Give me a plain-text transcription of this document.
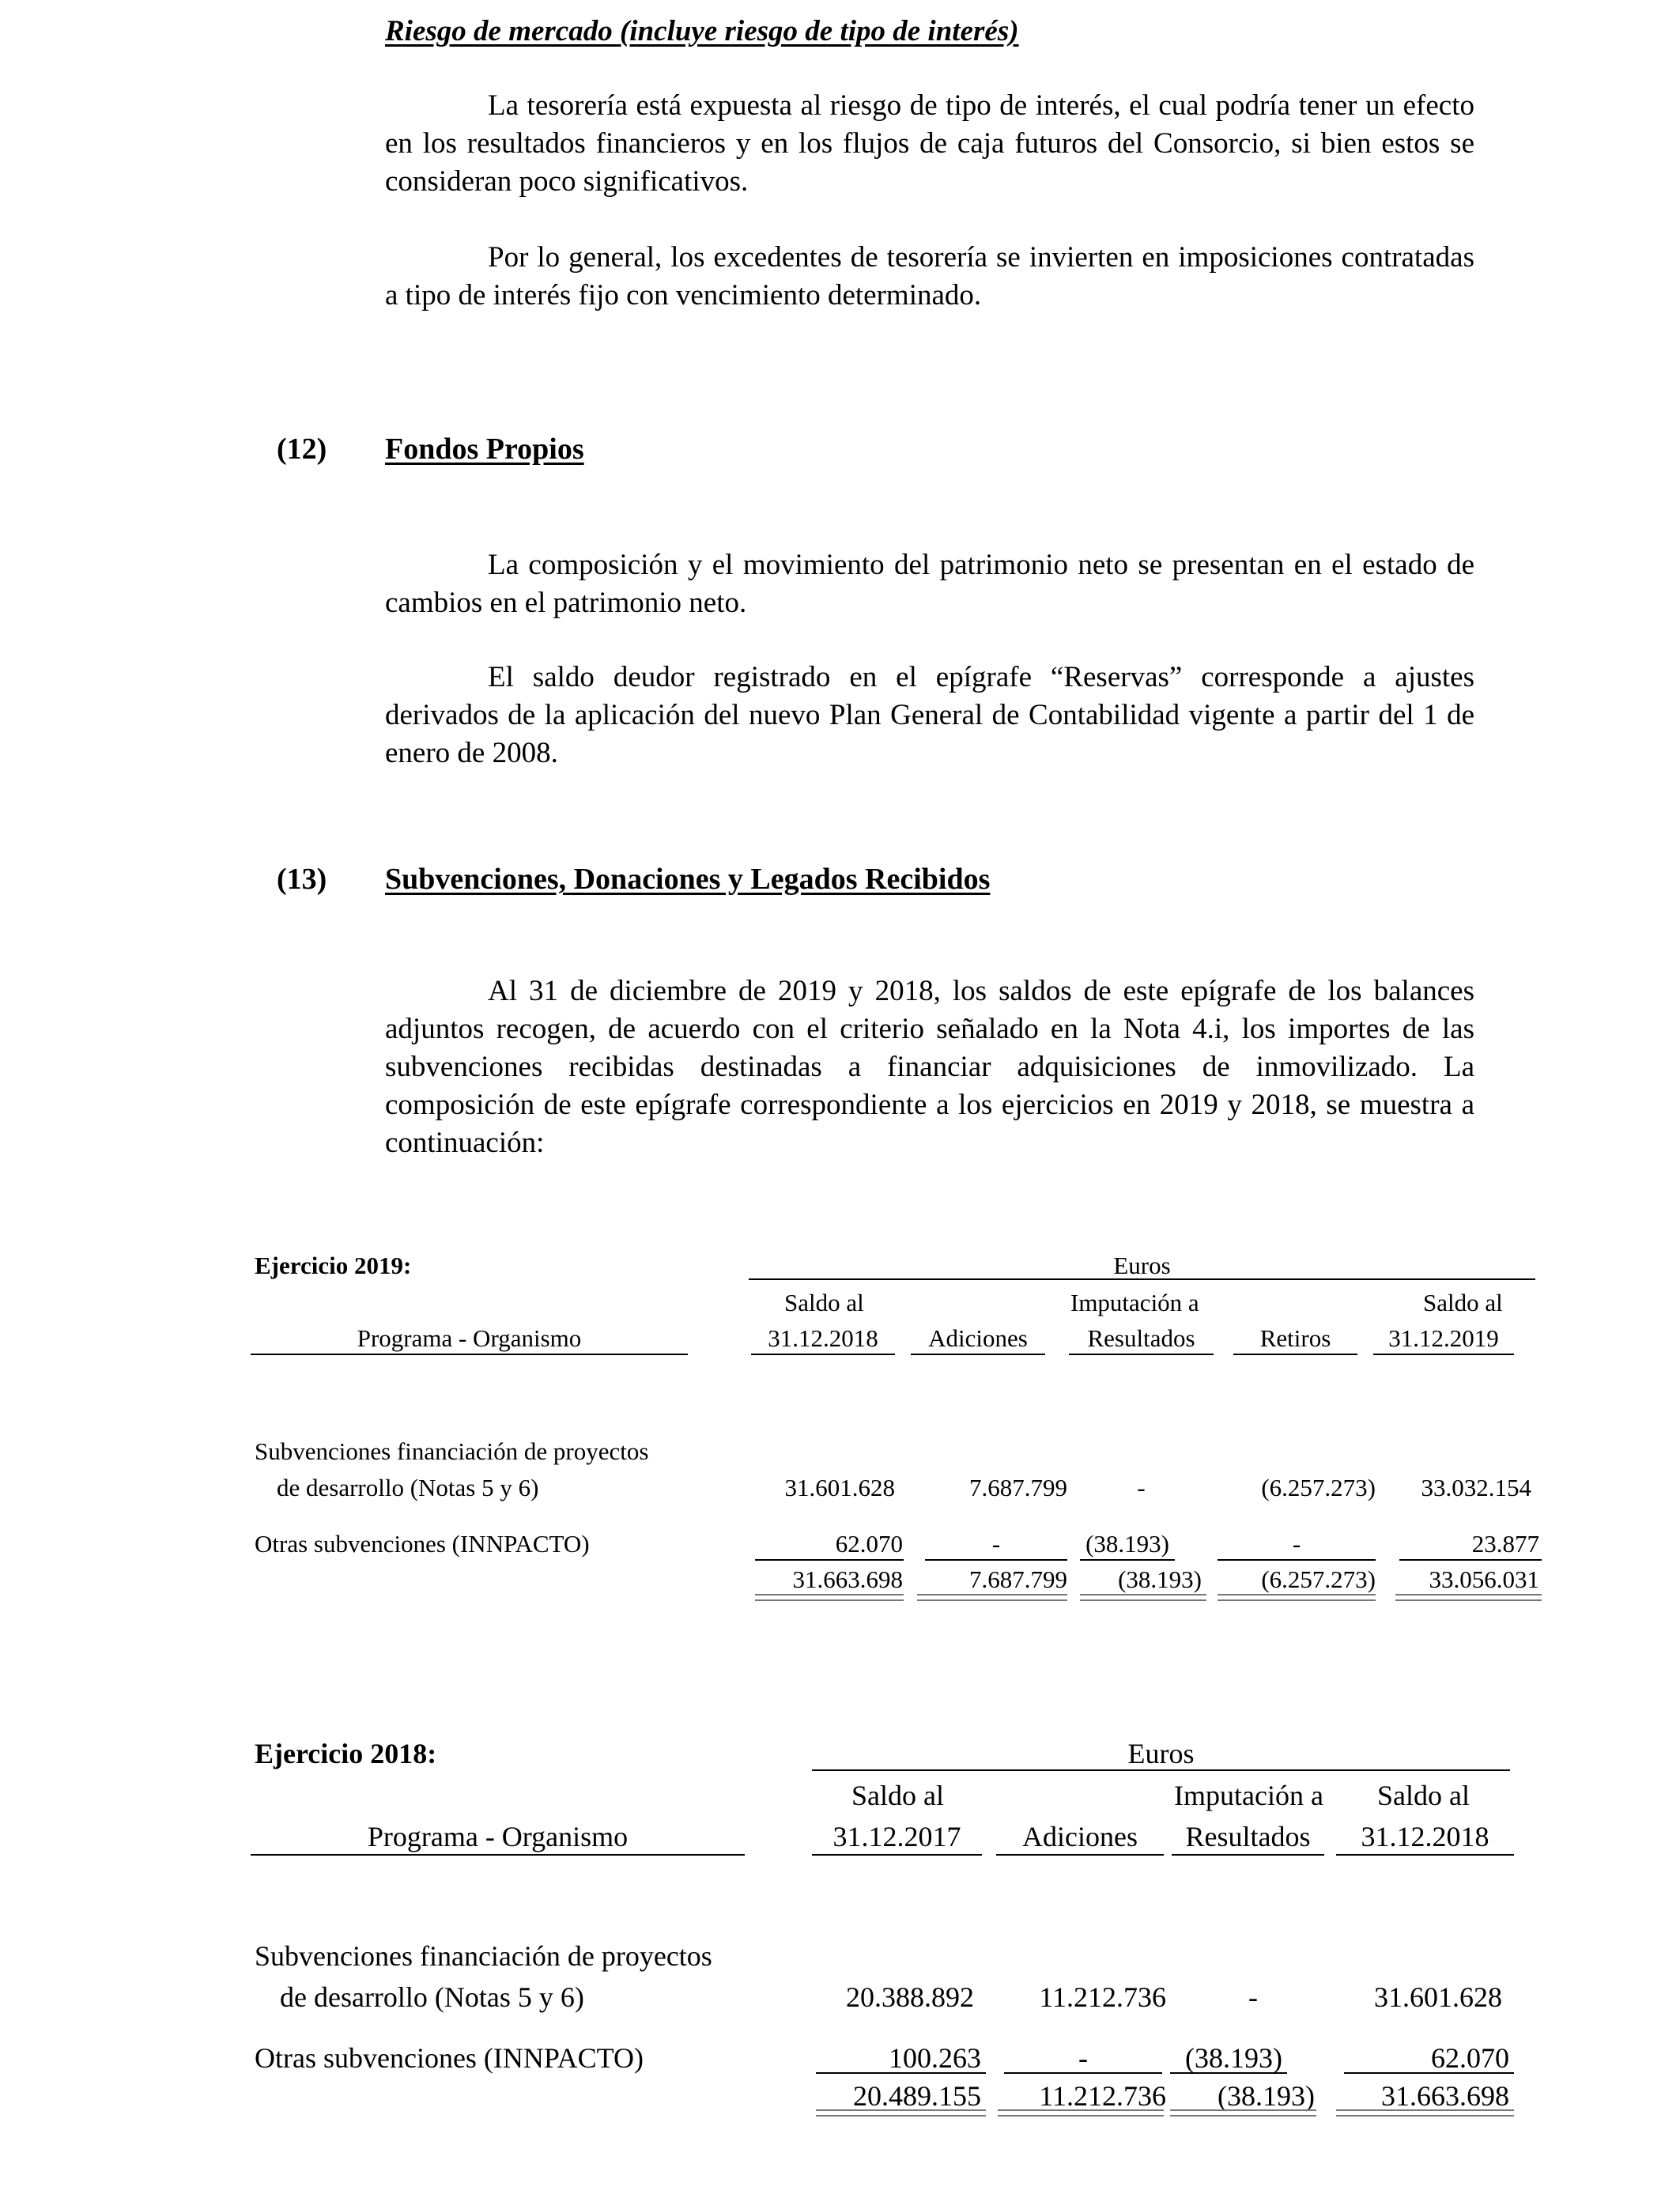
Riesgo de mercado (incluye riesgo de tipo de interés)
La tesorería está expuesta al riesgo de tipo de interés, el cual podría tener un efecto en los resultados financieros y en los flujos de caja futuros del Consorcio, si bien estos se consideran poco significativos.
Por lo general, los excedentes de tesorería se invierten en imposiciones contratadas a tipo de interés fijo con vencimiento determinado.
(12) Fondos Propios
La composición y el movimiento del patrimonio neto se presentan en el estado de cambios en el patrimonio neto.
El saldo deudor registrado en el epígrafe “Reservas” corresponde a ajustes derivados de la aplicación del nuevo Plan General de Contabilidad vigente a partir del 1 de enero de 2008.
(13) Subvenciones, Donaciones y Legados Recibidos
Al 31 de diciembre de 2019 y 2018, los saldos de este epígrafe de los balances adjuntos recogen, de acuerdo con el criterio señalado en la Nota 4.i, los importes de las subvenciones recibidas destinadas a financiar adquisiciones de inmovilizado. La composición de este epígrafe correspondiente a los ejercicios en 2019 y 2018, se muestra a continuación:
Ejercicio 2019:	Euros
Saldo al	Imputación a	Saldo al
Programa - Organismo	31.12.2018	Adiciones	Resultados	Retiros	31.12.2019
Subvenciones financiación de proyectos
de desarrollo (Notas 5 y 6)	31.601.628	7.687.799	-	(6.257.273)	33.032.154
Otras subvenciones (INNPACTO)	62.070	-	(38.193)	-	23.877
31.663.698	7.687.799	(38.193)	(6.257.273)	33.056.031
Ejercicio 2018:	Euros
Saldo al	Imputación a Saldo al
Programa - Organismo	31.12.2017	Adiciones	Resultados	31.12.2018
Subvenciones financiación de proyectos
de desarrollo (Notas 5 y 6)	20.388.892	11.212.736	-	31.601.628
Otras subvenciones (INNPACTO)	100.263	-	(38.193)	62.070
20.489.155	11.212.736	(38.193)	31.663.698
